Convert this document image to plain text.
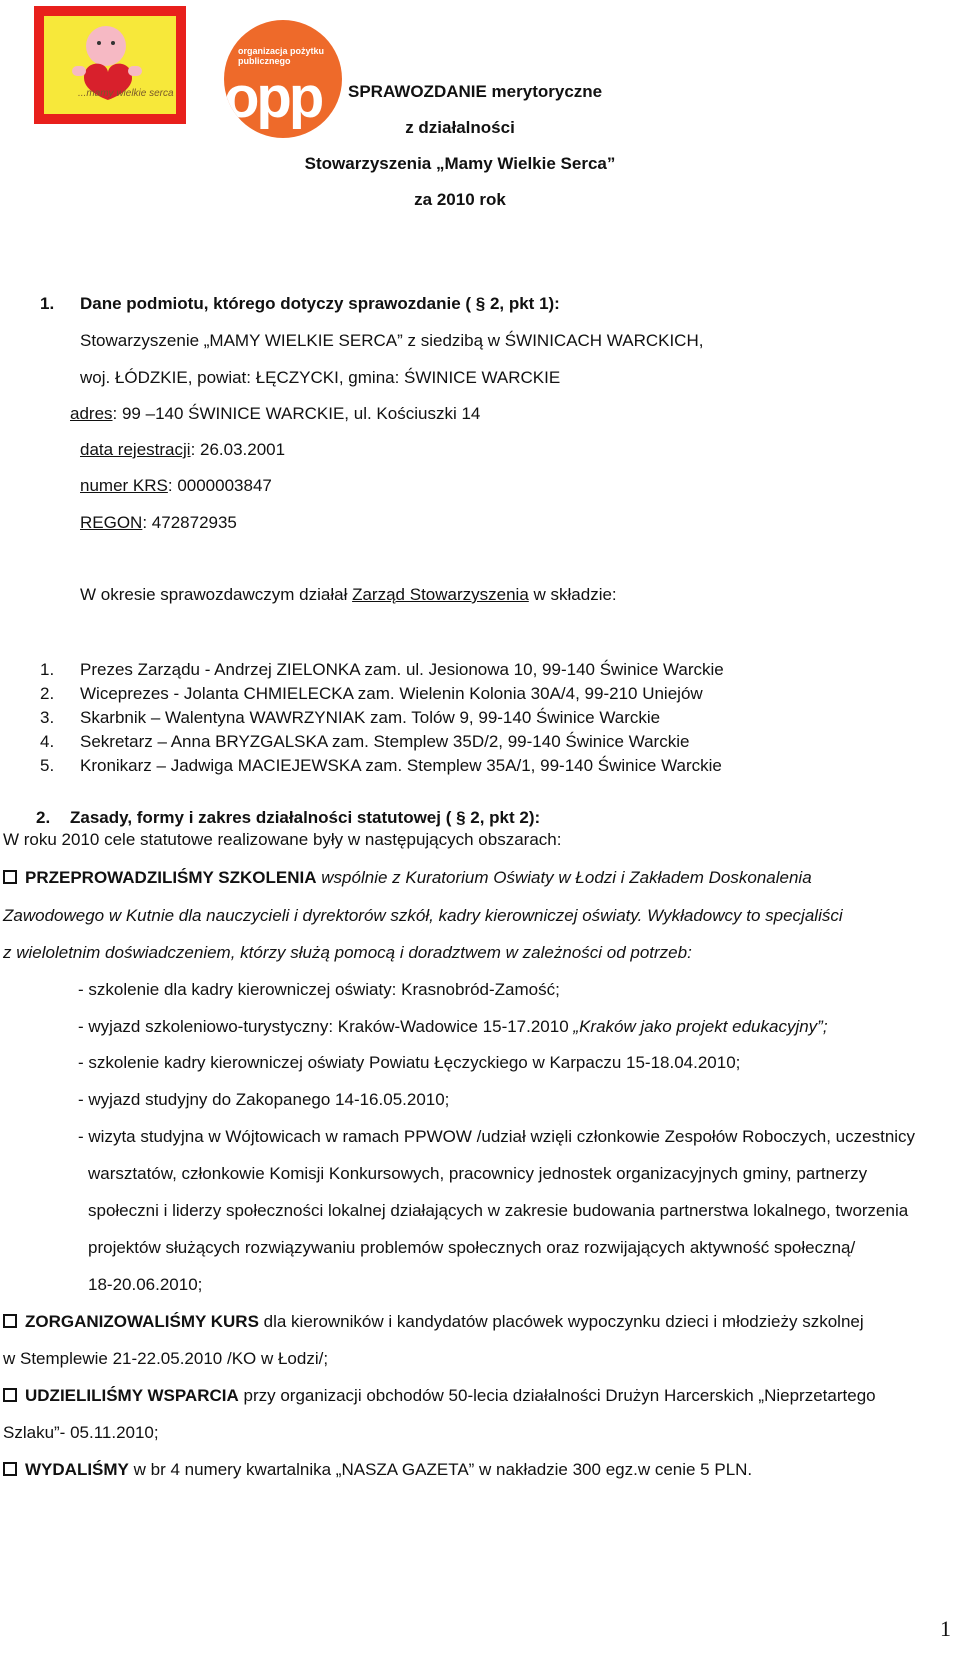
...mamy wielkie serca
organizacja pożytku publicznego
opp SPRAWOZDANIE merytoryczne
z działalności
Stowarzyszenia „Mamy Wielkie Serca”
za 2010 rok
1. Dane podmiotu, którego dotyczy sprawozdanie ( § 2, pkt 1):
Stowarzyszenie „MAMY WIELKIE SERCA” z siedzibą w ŚWINICACH WARCKICH,
woj. ŁÓDZKIE, powiat: ŁĘCZYCKI, gmina: ŚWINICE WARCKIE
adres: 99 –140 ŚWINICE WARCKIE, ul. Kościuszki 14
data rejestracji: 26.03.2001
numer KRS: 0000003847
REGON: 472872935
W okresie sprawozdawczym działał Zarząd Stowarzyszenia w składzie:
1. Prezes Zarządu - Andrzej ZIELONKA zam. ul. Jesionowa 10, 99-140 Świnice Warckie
2. Wiceprezes - Jolanta CHMIELECKA zam. Wielenin Kolonia 30A/4, 99-210 Uniejów
3. Skarbnik – Walentyna WAWRZYNIAK zam. Tolów 9, 99-140 Świnice Warckie
4. Sekretarz – Anna BRYZGALSKA zam. Stemplew 35D/2, 99-140 Świnice Warckie
5. Kronikarz – Jadwiga MACIEJEWSKA zam. Stemplew 35A/1, 99-140 Świnice Warckie
2. Zasady, formy i zakres działalności statutowej ( § 2, pkt 2):
W roku 2010 cele statutowe realizowane były w następujących obszarach:
PRZEPROWADZILIŚMY SZKOLENIA wspólnie z Kuratorium Oświaty w Łodzi i Zakładem Doskonalenia
Zawodowego w Kutnie dla nauczycieli i dyrektorów szkół, kadry kierowniczej oświaty. Wykładowcy to specjaliści
z wieloletnim doświadczeniem, którzy służą pomocą i doradztwem w zależności od potrzeb:
- szkolenie dla kadry kierowniczej oświaty: Krasnobród-Zamość;
- wyjazd szkoleniowo-turystyczny: Kraków-Wadowice 15-17.2010 „Kraków jako projekt edukacyjny”;
- szkolenie kadry kierowniczej oświaty Powiatu Łęczyckiego w Karpaczu 15-18.04.2010;
- wyjazd studyjny do Zakopanego 14-16.05.2010;
- wizyta studyjna w Wójtowicach w ramach PPWOW /udział wzięli członkowie Zespołów Roboczych, uczestnicy
warsztatów, członkowie Komisji Konkursowych, pracownicy jednostek organizacyjnych gminy, partnerzy
społeczni i liderzy społeczności lokalnej działających w zakresie budowania partnerstwa lokalnego, tworzenia
projektów służących rozwiązywaniu problemów społecznych oraz rozwijających aktywność społeczną/
18-20.06.2010;
ZORGANIZOWALIŚMY KURS dla kierowników i kandydatów placówek wypoczynku dzieci i młodzieży szkolnej
w Stemplewie 21-22.05.2010 /KO w Łodzi/;
UDZIELILIŚMY WSPARCIA przy organizacji obchodów 50-lecia działalności Drużyn Harcerskich „Nieprzetartego
Szlaku”- 05.11.2010;
WYDALIŚMY w br 4 numery kwartalnika „NASZA GAZETA” w nakładzie 300 egz.w cenie 5 PLN.
1
